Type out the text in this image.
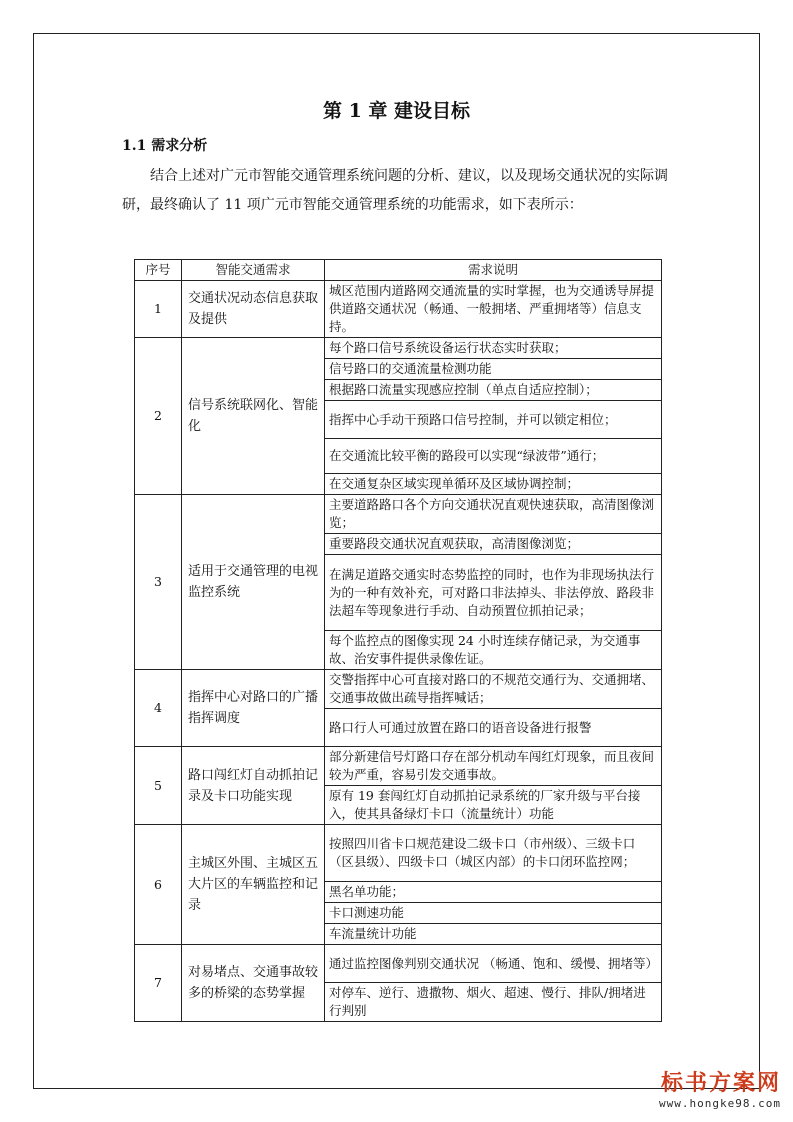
第 1 章 建设目标
1.1 需求分析

结合上述对广元市智能交通管理系统问题的分析、建议，以及现场交通状况的实际调研，最终确认了 11 项广元市智能交通管理系统的功能需求，如下表所示：

序号	智能交通需求	需求说明
1	交通状况动态信息获取及提供	城区范围内道路网交通流量的实时掌握，也为交通诱导屏提供道路交通状况（畅通、一般拥堵、严重拥堵等）信息支持。
2	信号系统联网化、智能化	每个路口信号系统设备运行状态实时获取；
		信号路口的交通流量检测功能
		根据路口流量实现感应控制（单点自适应控制）；
		指挥中心手动干预路口信号控制，并可以锁定相位；
		在交通流比较平衡的路段可以实现“绿波带”通行；
		在交通复杂区域实现单循环及区域协调控制；
3	适用于交通管理的电视监控系统	主要道路路口各个方向交通状况直观快速获取，高清图像浏览；
		重要路段交通状况直观获取，高清图像浏览；
		在满足道路交通实时态势监控的同时，也作为非现场执法行为的一种有效补充，可对路口非法掉头、非法停放、路段非法超车等现象进行手动、自动预置位抓拍记录；
		每个监控点的图像实现 24 小时连续存储记录，为交通事故、治安事件提供录像佐证。
4	指挥中心对路口的广播指挥调度	交警指挥中心可直接对路口的不规范交通行为、交通拥堵、交通事故做出疏导指挥喊话；
		路口行人可通过放置在路口的语音设备进行报警
5	路口闯红灯自动抓拍记录及卡口功能实现	部分新建信号灯路口存在部分机动车闯红灯现象，而且夜间较为严重，容易引发交通事故。
		原有 19 套闯红灯自动抓拍记录系统的厂家升级与平台接入，使其具备绿灯卡口（流量统计）功能
6	主城区外围、主城区五大片区的车辆监控和记录	按照四川省卡口规范建设二级卡口（市州级）、三级卡口（区县级）、四级卡口（城区内部）的卡口闭环监控网；
		黑名单功能；
		卡口测速功能
		车流量统计功能
7	对易堵点、交通事故较多的桥梁的态势掌握	通过监控图像判别交通状况 （畅通、饱和、缓慢、拥堵等）
		对停车、逆行、遗撒物、烟火、超速、慢行、排队/拥堵进行判别
标书方案网
www.hongke98.com
